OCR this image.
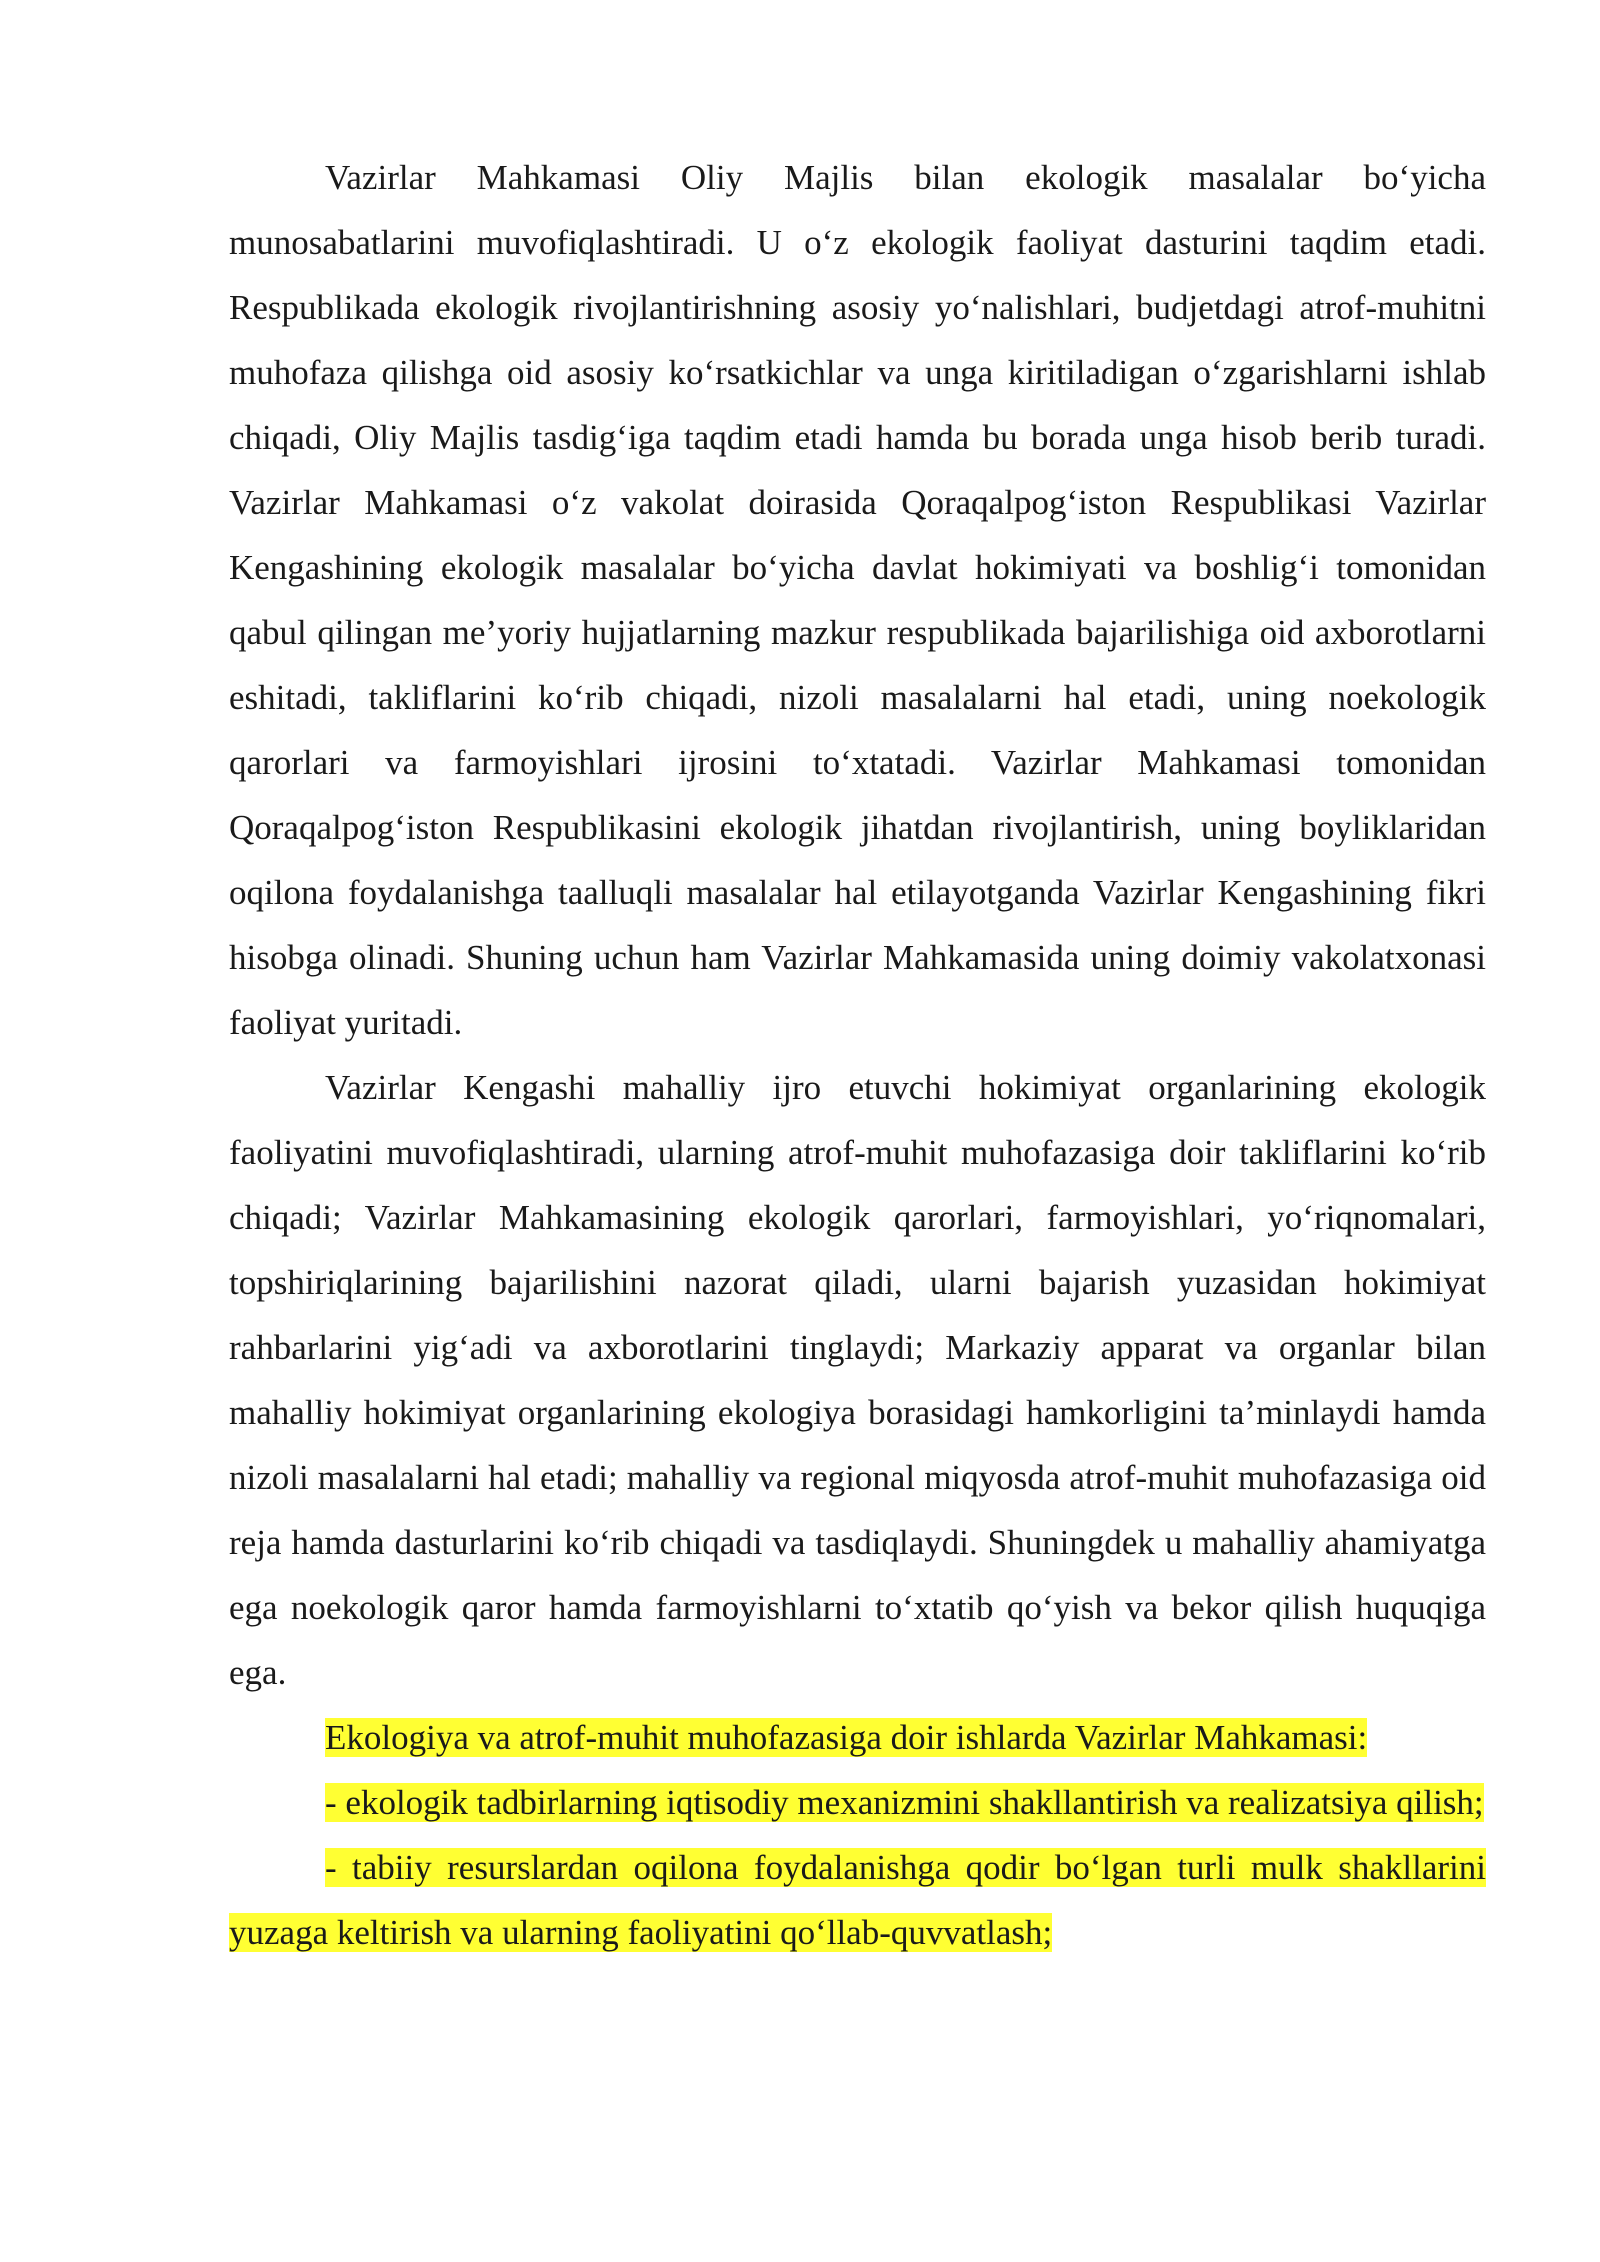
Vazirlar Mahkamasi Oliy Majlis bilan ekologik masalalar bo‘yicha munosabatlarini muvofiqlashtiradi. U o‘z ekologik faoliyat dasturini taqdim etadi. Respublikada ekologik rivojlantirishning asosiy yo‘nalishlari, budjetdagi atrof-muhitni muhofaza qilishga oid asosiy ko‘rsatkichlar va unga kiritiladigan o‘zgarishlarni ishlab chiqadi, Oliy Majlis tasdig‘iga taqdim etadi hamda bu borada unga hisob berib turadi. Vazirlar Mahkamasi o‘z vakolat doirasida Qoraqalpog‘iston Respublikasi Vazirlar Kengashining ekologik masalalar bo‘yicha davlat hokimiyati va boshlig‘i tomonidan qabul qilingan me’yoriy hujjatlarning mazkur respublikada bajarilishiga oid axborotlarni eshitadi, takliflarini ko‘rib chiqadi, nizoli masalalarni hal etadi, uning noekologik qarorlari va farmoyishlari ijrosini to‘xtatadi. Vazirlar Mahkamasi tomonidan Qoraqalpog‘iston Respublikasini ekologik jihatdan rivojlantirish, uning boyliklaridan oqilona foydalanishga taalluqli masalalar hal etilayotganda Vazirlar Kengashining fikri hisobga olinadi. Shuning uchun ham Vazirlar Mahkamasida uning doimiy vakolatxonasi faoliyat yuritadi.

Vazirlar Kengashi mahalliy ijro etuvchi hokimiyat organlarining ekologik faoliyatini muvofiqlashtiradi, ularning atrof-muhit muhofazasiga doir takliflarini ko‘rib chiqadi; Vazirlar Mahkamasining ekologik qarorlari, farmoyishlari, yo‘riqnomalari, topshiriqlarining bajarilishini nazorat qiladi, ularni bajarish yuzasidan hokimiyat rahbarlarini yig‘adi va axborotlarini tinglaydi; Markaziy apparat va organlar bilan mahalliy hokimiyat organlarining ekologiya borasidagi hamkorligini ta’minlaydi hamda nizoli masalalarni hal etadi; mahalliy va regional miqyosda atrof-muhit muhofazasiga oid reja hamda dasturlarini ko‘rib chiqadi va tasdiqlaydi. Shuningdek u mahalliy ahamiyatga ega noekologik qaror hamda farmoyishlarni to‘xtatib qo‘yish va bekor qilish huquqiga ega.

Ekologiya va atrof-muhit muhofazasiga doir ishlarda Vazirlar Mahkamasi:

- ekologik tadbirlarning iqtisodiy mexanizmini shakllantirish va realizatsiya qilish;

- tabiiy resurslardan oqilona foydalanishga qodir bo‘lgan turli mulk shakllarini yuzaga keltirish va ularning faoliyatini qo‘llab-quvvatlash;
